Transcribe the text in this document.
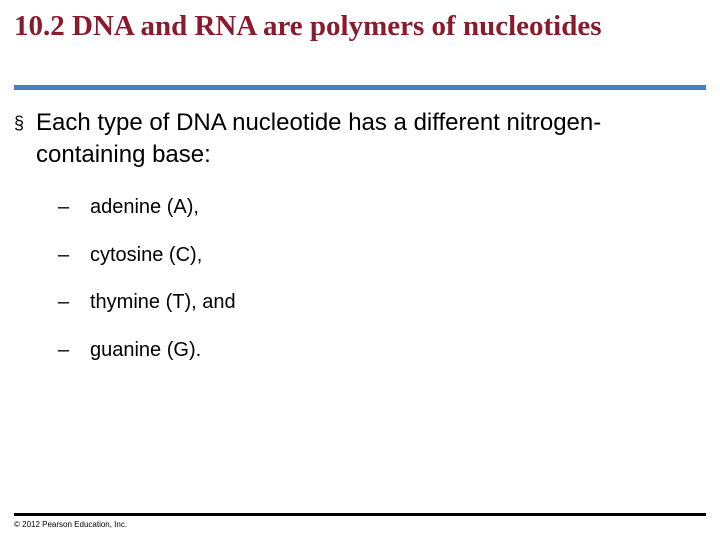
10.2 DNA and RNA are polymers of nucleotides
§ Each type of DNA nucleotide has a different nitrogen-containing base:
– adenine (A),
– cytosine (C),
– thymine (T), and
– guanine (G).
© 2012 Pearson Education, Inc.
